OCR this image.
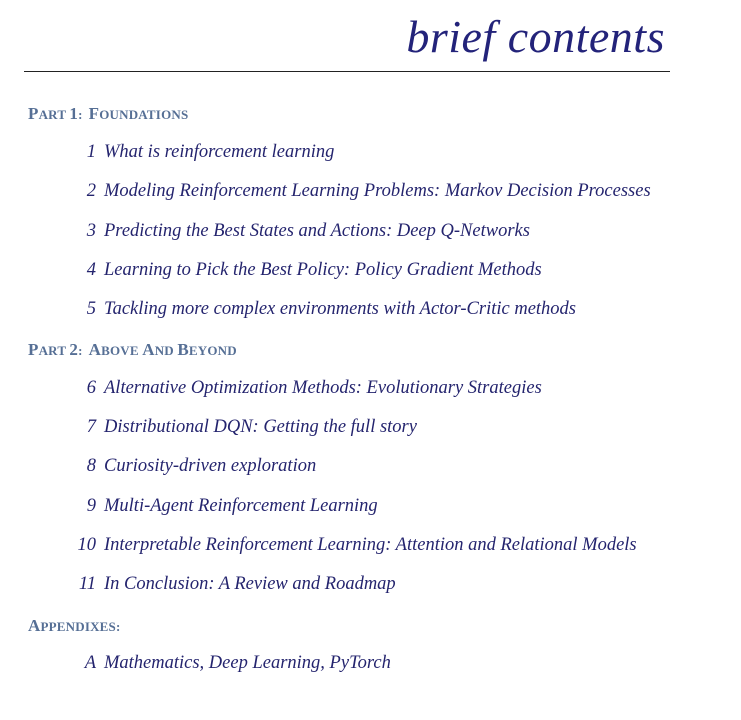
brief contents
PART 1: FOUNDATIONS
1 What is reinforcement learning
2 Modeling Reinforcement Learning Problems: Markov Decision Processes
3 Predicting the Best States and Actions: Deep Q-Networks
4 Learning to Pick the Best Policy: Policy Gradient Methods
5 Tackling more complex environments with Actor-Critic methods
PART 2: ABOVE AND BEYOND
6 Alternative Optimization Methods: Evolutionary Strategies
7 Distributional DQN: Getting the full story
8 Curiosity-driven exploration
9 Multi-Agent Reinforcement Learning
10 Interpretable Reinforcement Learning: Attention and Relational Models
11 In Conclusion: A Review and Roadmap
APPENDIXES:
A Mathematics, Deep Learning, PyTorch
